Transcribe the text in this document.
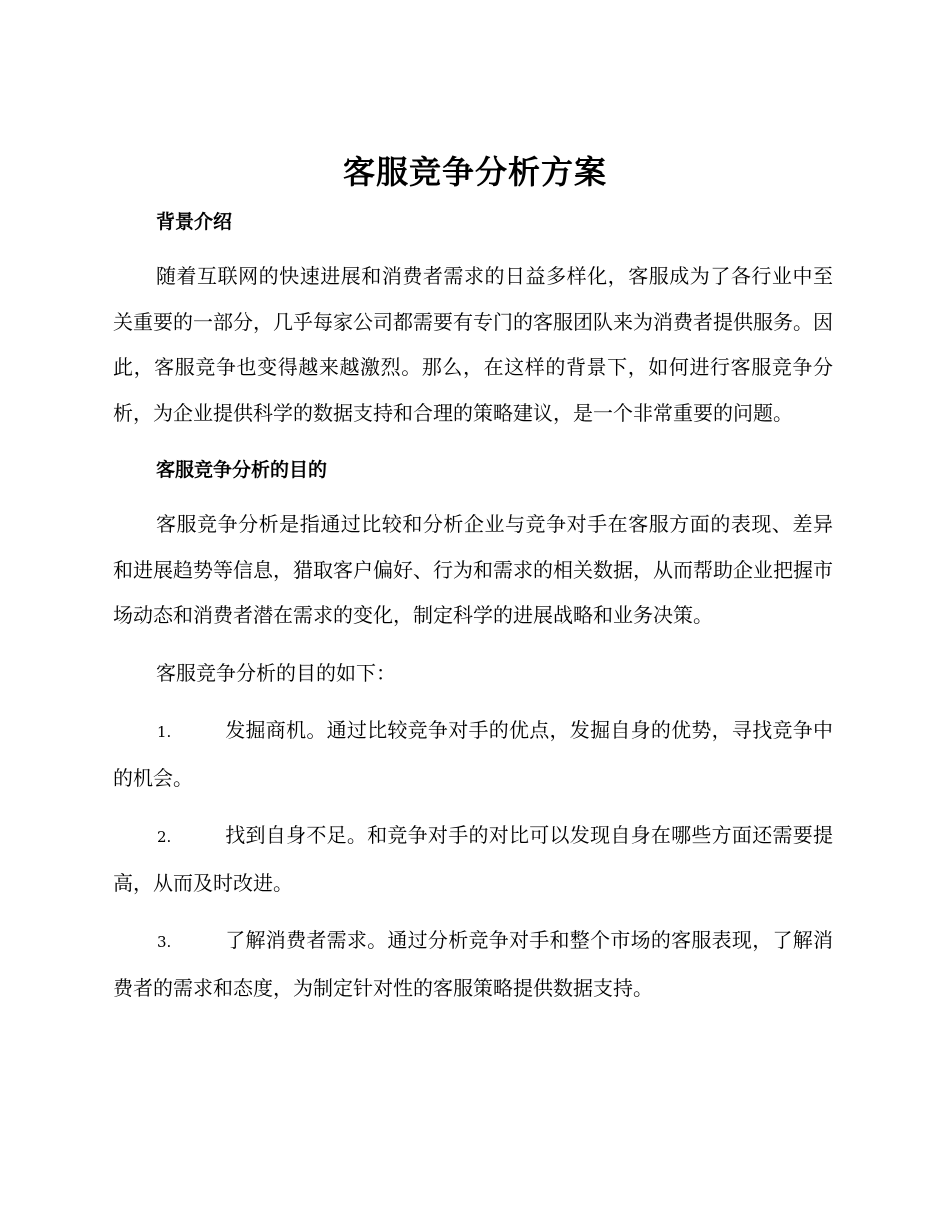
客服竞争分析方案
背景介绍

随着互联网的快速进展和消费者需求的日益多样化，客服成为了各行业中至关重要的一部分，几乎每家公司都需要有专门的客服团队来为消费者提供服务。因此，客服竞争也变得越来越激烈。那么，在这样的背景下，如何进行客服竞争分析，为企业提供科学的数据支持和合理的策略建议，是一个非常重要的问题。

客服竞争分析的目的

客服竞争分析是指通过比较和分析企业与竞争对手在客服方面的表现、差异和进展趋势等信息，猎取客户偏好、行为和需求的相关数据，从而帮助企业把握市场动态和消费者潜在需求的变化，制定科学的进展战略和业务决策。

客服竞争分析的目的如下：

1.	发掘商机。通过比较竞争对手的优点，发掘自身的优势，寻找竞争中的机会。

2.	找到自身不足。和竞争对手的对比可以发现自身在哪些方面还需要提高，从而及时改进。

3.	了解消费者需求。通过分析竞争对手和整个市场的客服表现，了解消费者的需求和态度，为制定针对性的客服策略提供数据支持。
